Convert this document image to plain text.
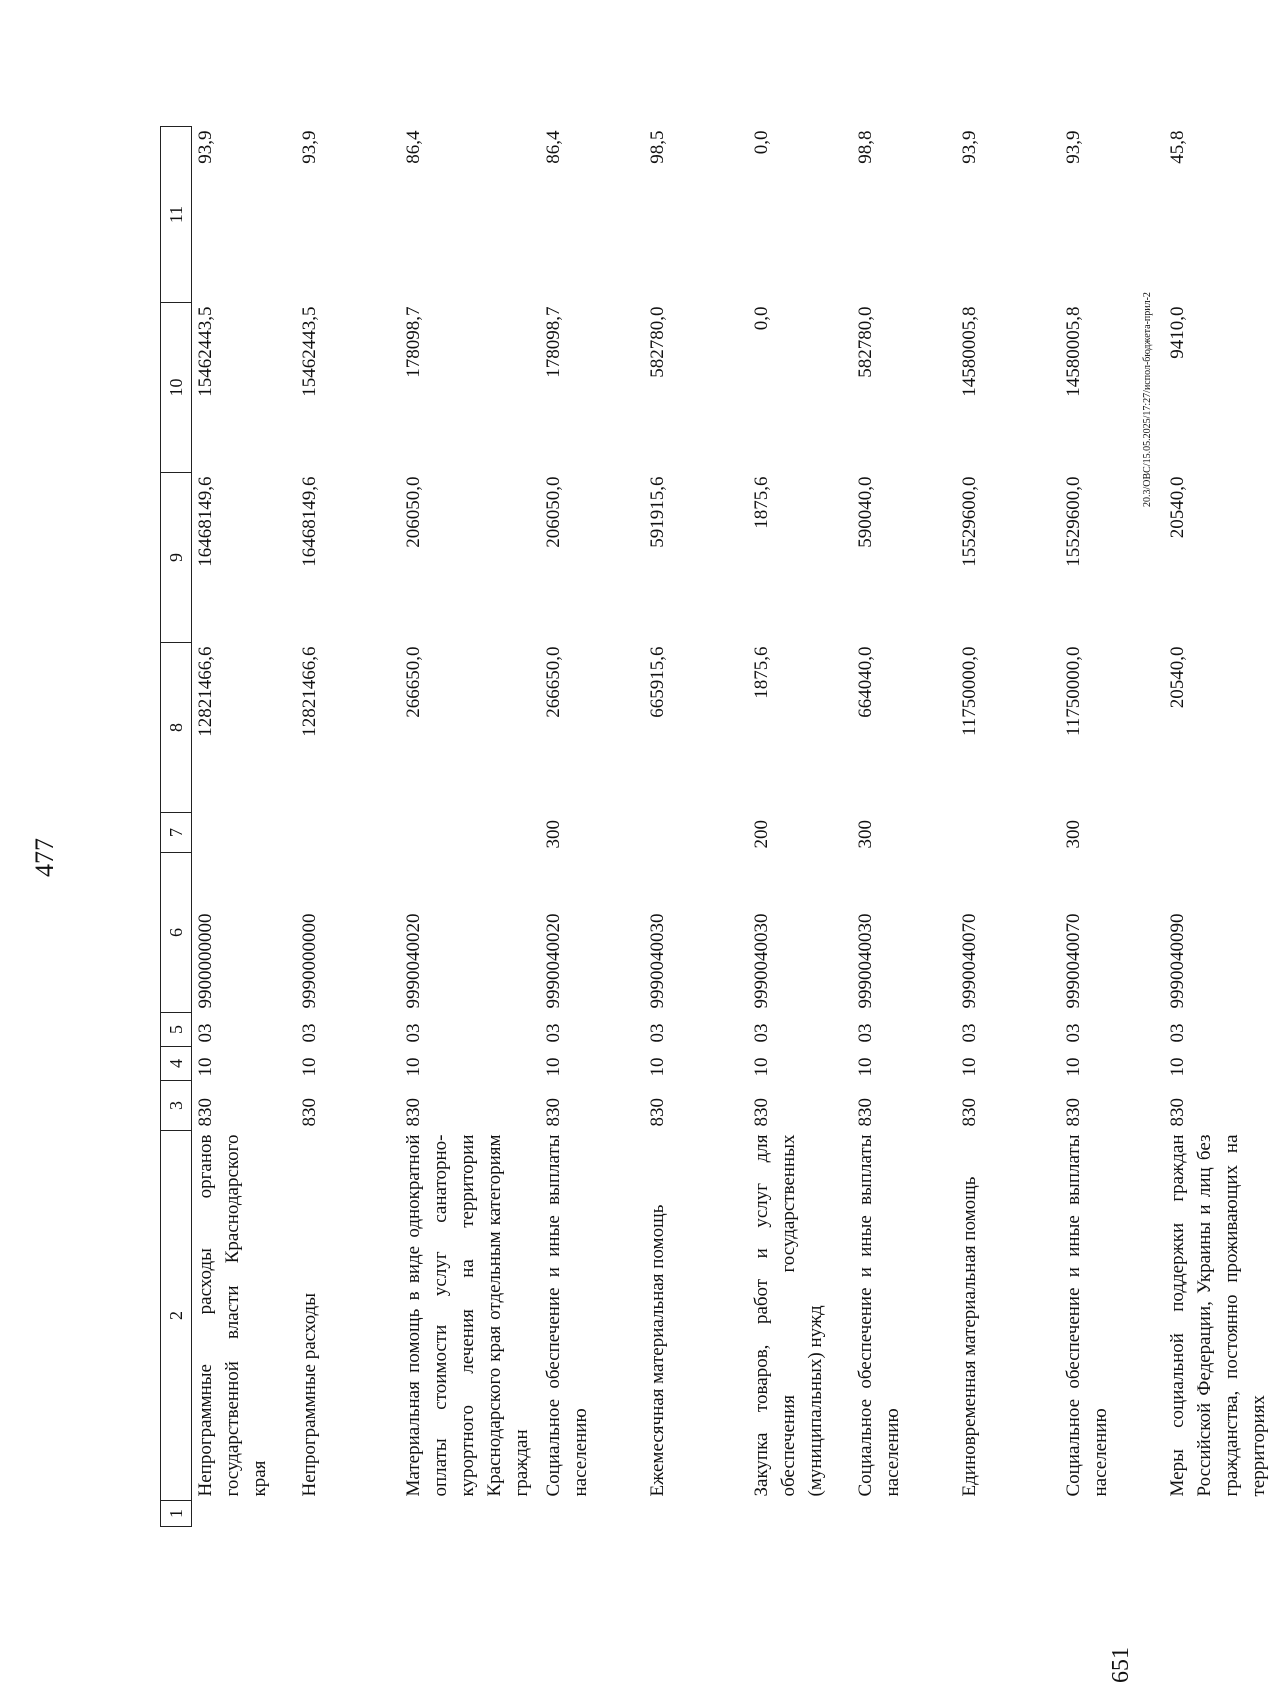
477
1	2	3	4	5	6	7	8	9	10	11
	Непрограммные расходы органов государственной власти Краснодарского края	830	10	03	9900000000		12821466,6	16468149,6	15462443,5	93,9
	Непрограммные расходы	830	10	03	9990000000		12821466,6	16468149,6	15462443,5	93,9
	Материальная помощь в виде однократной оплаты стоимости услуг санаторно-курортного лечения на территории Краснодарского края отдельным категориям граждан	830	10	03	9990040020		266650,0	206050,0	178098,7	86,4
	Социальное обеспечение и иные выплаты населению	830	10	03	9990040020	300	266650,0	206050,0	178098,7	86,4
	Ежемесячная материальная помощь	830	10	03	9990040030		665915,6	591915,6	582780,0	98,5
	Закупка товаров, работ и услуг для обеспечения государственных (муниципальных) нужд	830	10	03	9990040030	200	1875,6	1875,6	0,0	0,0
	Социальное обеспечение и иные выплаты населению	830	10	03	9990040030	300	664040,0	590040,0	582780,0	98,8
	Единовременная материальная помощь	830	10	03	9990040070		11750000,0	15529600,0	14580005,8	93,9
	Социальное обеспечение и иные выплаты населению	830	10	03	9990040070	300	11750000,0	15529600,0	14580005,8	93,9
	Меры социальной поддержки граждан Российской Федерации, Украины и лиц без гражданства, постоянно проживающих на территориях	830	10	03	9990040090		20540,0	20540,0	9410,0	45,8
651
20.3/ОВС/15.05.2025/17:27/испол-бюджета-прил-2
